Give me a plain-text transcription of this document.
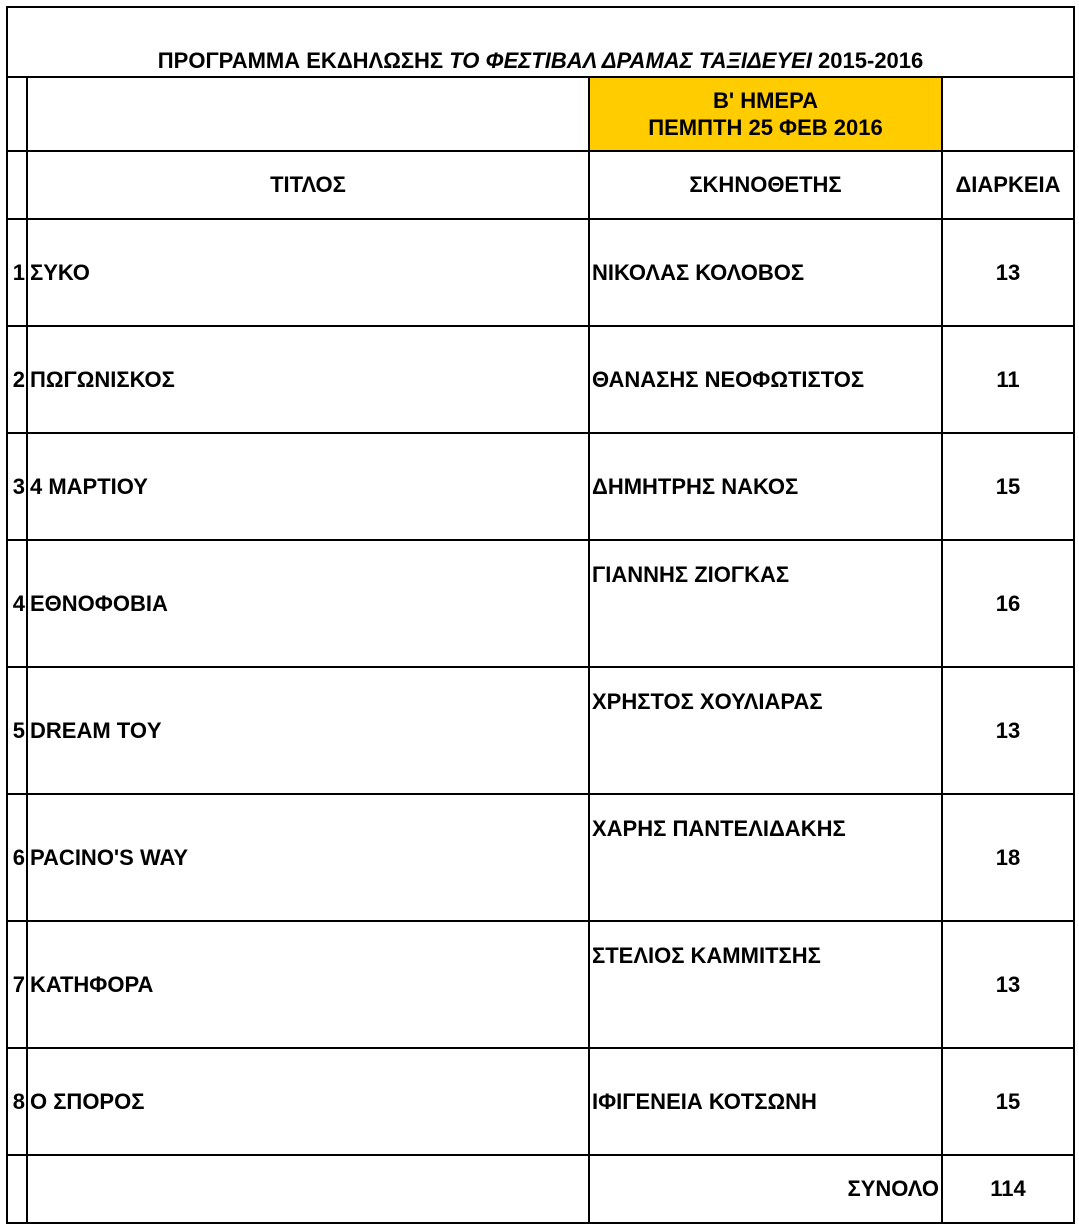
ΠΡΟΓΡΑΜΜΑ ΕΚΔΗΛΩΣΗΣ ΤΟ ΦΕΣΤΙΒΑΛ ΔΡΑΜΑΣ ΤΑΞΙΔΕΥΕΙ 2015-2016			

		Β' ΗΜΕΡΑ
ΠΕΜΠΤΗ 25 ΦΕΒ 2016	

	ΤΙΤΛΟΣ	ΣΚΗΝΟΘΕΤΗΣ	ΔΙΑΡΚΕΙΑ
1	ΣΥΚΟ	ΝΙΚΟΛΑΣ ΚΟΛΟΒΟΣ	13
2	ΠΩΓΩΝΙΣΚΟΣ	ΘΑΝΑΣΗΣ ΝΕΟΦΩΤΙΣΤΟΣ	11
3	4 ΜΑΡΤΙΟΥ	ΔΗΜΗΤΡΗΣ ΝΑΚΟΣ	15
4	ΕΘΝΟΦΟΒΙΑ	ΓΙΑΝΝΗΣ ΖΙΟΓΚΑΣ	16
5	DREAM TOY	ΧΡΗΣΤΟΣ ΧΟΥΛΙΑΡΑΣ	13
6	PACINO'S WAY	ΧΑΡΗΣ ΠΑΝΤΕΛΙΔΑΚΗΣ	18
7	ΚΑΤΗΦΟΡΑ	ΣΤΕΛΙΟΣ ΚΑΜΜΙΤΣΗΣ	13
8	Ο ΣΠΟΡΟΣ	ΙΦΙΓΕΝΕΙΑ ΚΟΤΣΩΝΗ	15
		ΣΥΝΟΛΟ	114
